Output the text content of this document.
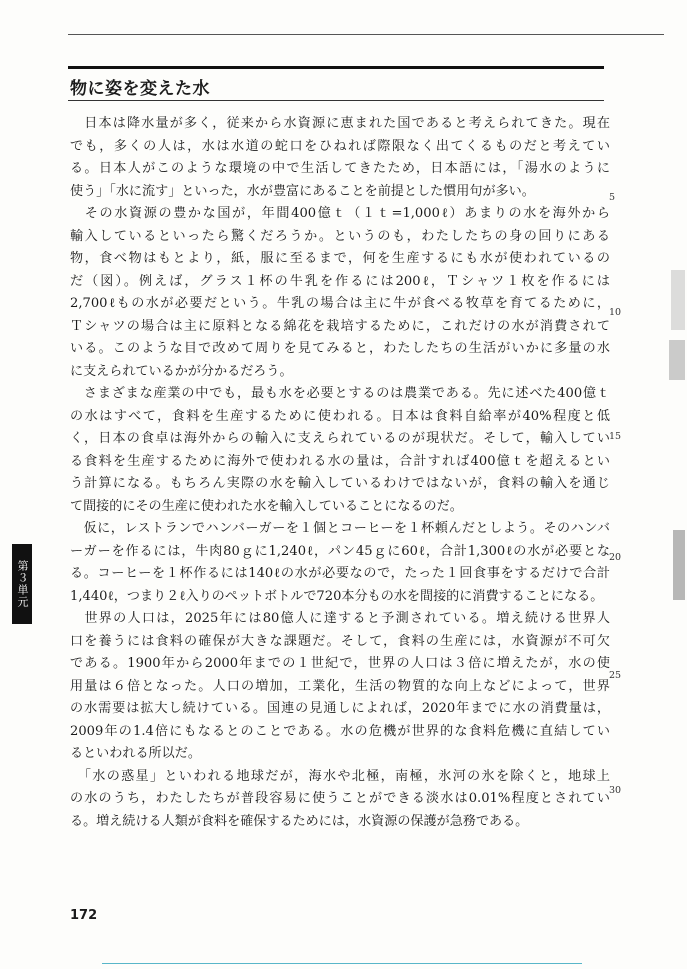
物に姿を変えた水
　日本は降水量が多く，従来から水資源に恵まれた国であると考えられてきた。現在
でも，多くの人は，水は水道の蛇口をひねれば際限なく出てくるものだと考えてい
る。日本人がこのような環境の中で生活してきたため，日本語には，「湯水のように
使う」「水に流す」といった，水が豊富にあることを前提とした慣用句が多い。
　その水資源の豊かな国が，年間400億ｔ（１ｔ=1,000ℓ）あまりの水を海外から
輸入しているといったら驚くだろうか。というのも，わたしたちの身の回りにある
物，食べ物はもとより，紙，服に至るまで，何を生産するにも水が使われているの
だ（図）。例えば，グラス１杯の牛乳を作るには200ℓ，Ｔシャツ１枚を作るには
2,700ℓもの水が必要だという。牛乳の場合は主に牛が食べる牧草を育てるために，
Ｔシャツの場合は主に原料となる綿花を栽培するために，これだけの水が消費されて
いる。このような目で改めて周りを見てみると，わたしたちの生活がいかに多量の水
に支えられているかが分かるだろう。
　さまざまな産業の中でも，最も水を必要とするのは農業である。先に述べた400億ｔ
の水はすべて，食料を生産するために使われる。日本は食料自給率が40%程度と低
く，日本の食卓は海外からの輸入に支えられているのが現状だ。そして，輸入してい
る食料を生産するために海外で使われる水の量は，合計すれば400億ｔを超えるとい
う計算になる。もちろん実際の水を輸入しているわけではないが，食料の輸入を通じ
て間接的にその生産に使われた水を輸入していることになるのだ。
　仮に，レストランでハンバーガーを１個とコーヒーを１杯頼んだとしよう。そのハンバ
ーガーを作るには，牛肉80ｇに1,240ℓ，パン45ｇに60ℓ，合計1,300ℓの水が必要とな
る。コーヒーを１杯作るには140ℓの水が必要なので，たった１回食事をするだけで合計
1,440ℓ，つまり２ℓ入りのペットボトルで720本分もの水を間接的に消費することになる。
　世界の人口は，2025年には80億人に達すると予測されている。増え続ける世界人
口を養うには食料の確保が大きな課題だ。そして，食料の生産には，水資源が不可欠
である。1900年から2000年までの１世紀で，世界の人口は３倍に増えたが，水の使
用量は６倍となった。人口の増加，工業化，生活の物質的な向上などによって，世界
の水需要は拡大し続けている。国連の見通しによれば，2020年までに水の消費量は，
2009年の1.4倍にもなるとのことである。水の危機が世界的な食料危機に直結してい
るといわれる所以だ。
　「水の惑星」といわれる地球だが，海水や北極，南極，氷河の氷を除くと，地球上
の水のうち，わたしたちが普段容易に使うことができる淡水は0.01%程度とされてい
る。増え続ける人類が食料を確保するためには，水資源の保護が急務である。
5
10
15
20
25
30
第３単元
172
